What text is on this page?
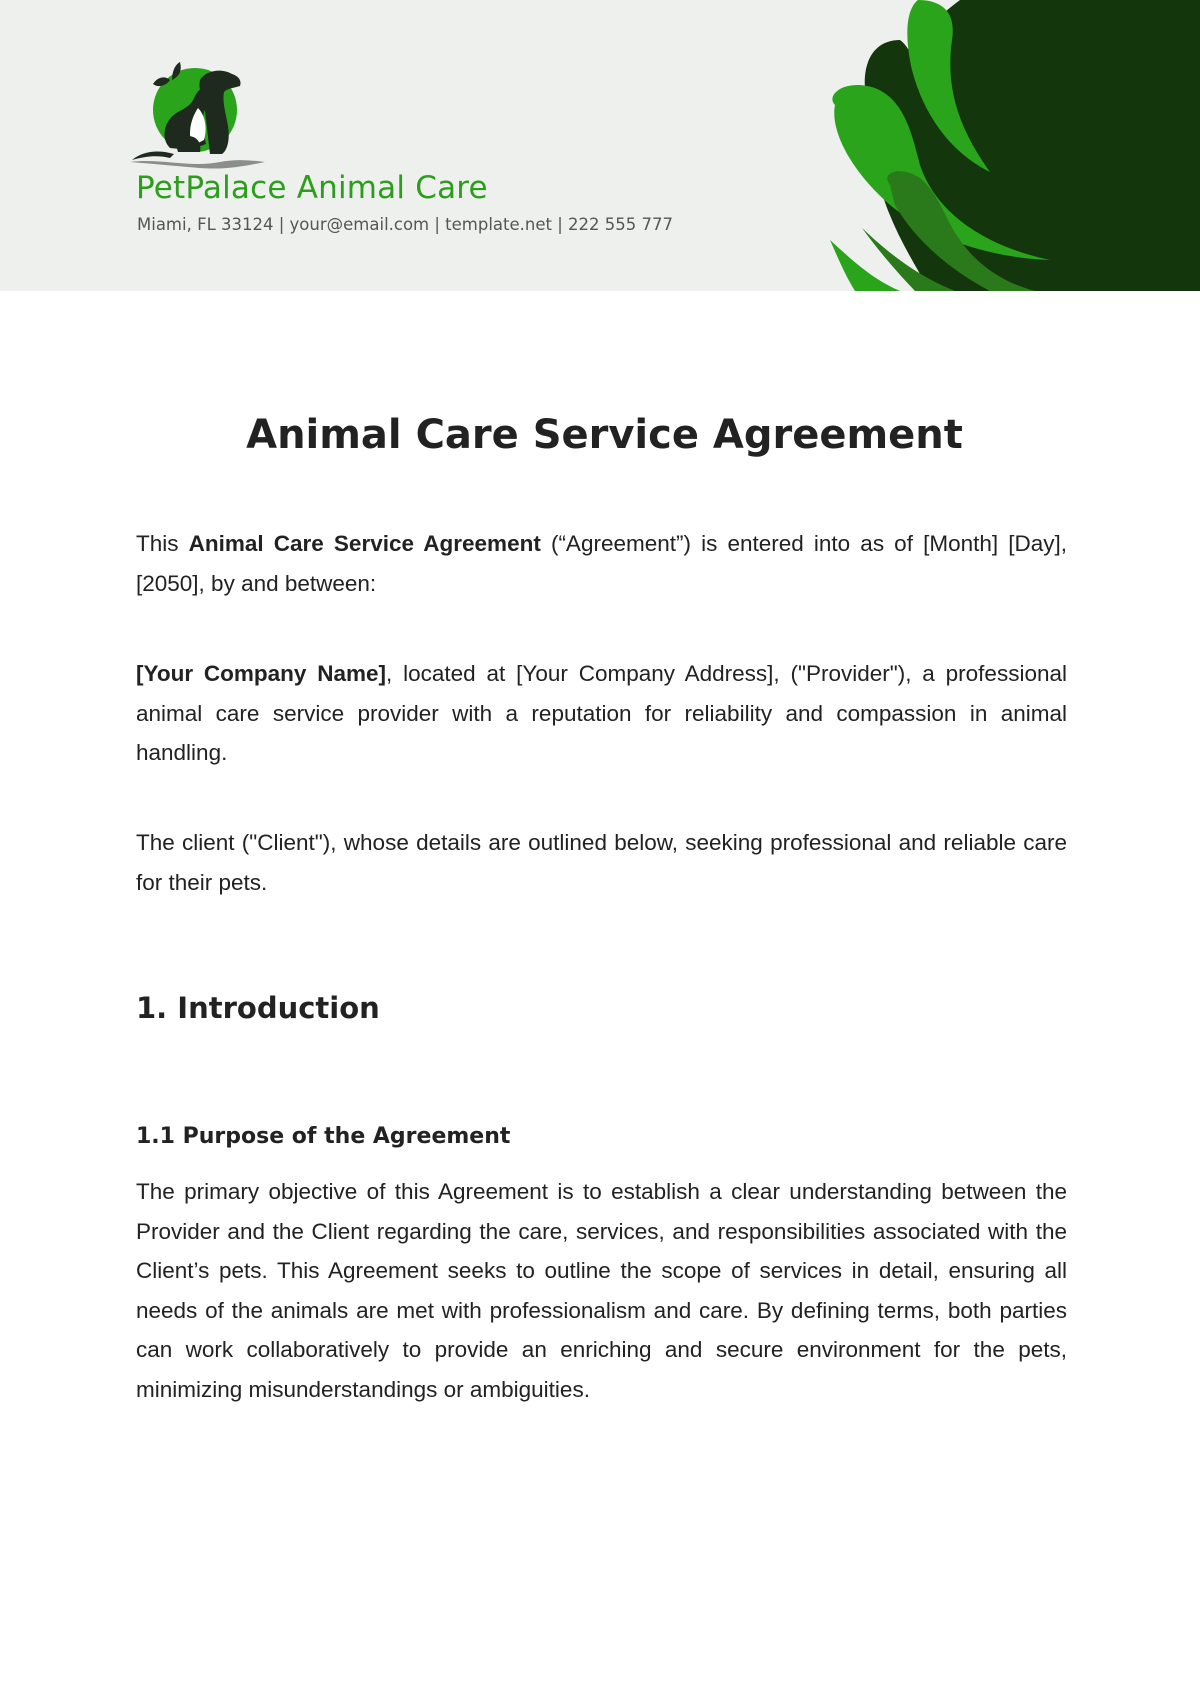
PetPalace Animal Care
Miami, FL 33124 | your@email.com | template.net | 222 555 777
Animal Care Service Agreement

This Animal Care Service Agreement (“Agreement”) is entered into as of [Month] [Day], [2050], by and between:

[Your Company Name], located at [Your Company Address], ("Provider"), a professional animal care service provider with a reputation for reliability and compassion in animal handling.

The client ("Client"), whose details are outlined below, seeking professional and reliable care for their pets.

1. Introduction
1.1 Purpose of the Agreement

The primary objective of this Agreement is to establish a clear understanding between the Provider and the Client regarding the care, services, and responsibilities associated with the Client’s pets. This Agreement seeks to outline the scope of services in detail, ensuring all needs of the animals are met with professionalism and care. By defining terms, both parties can work collaboratively to provide an enriching and secure environment for the pets, minimizing misunderstandings or ambiguities.
